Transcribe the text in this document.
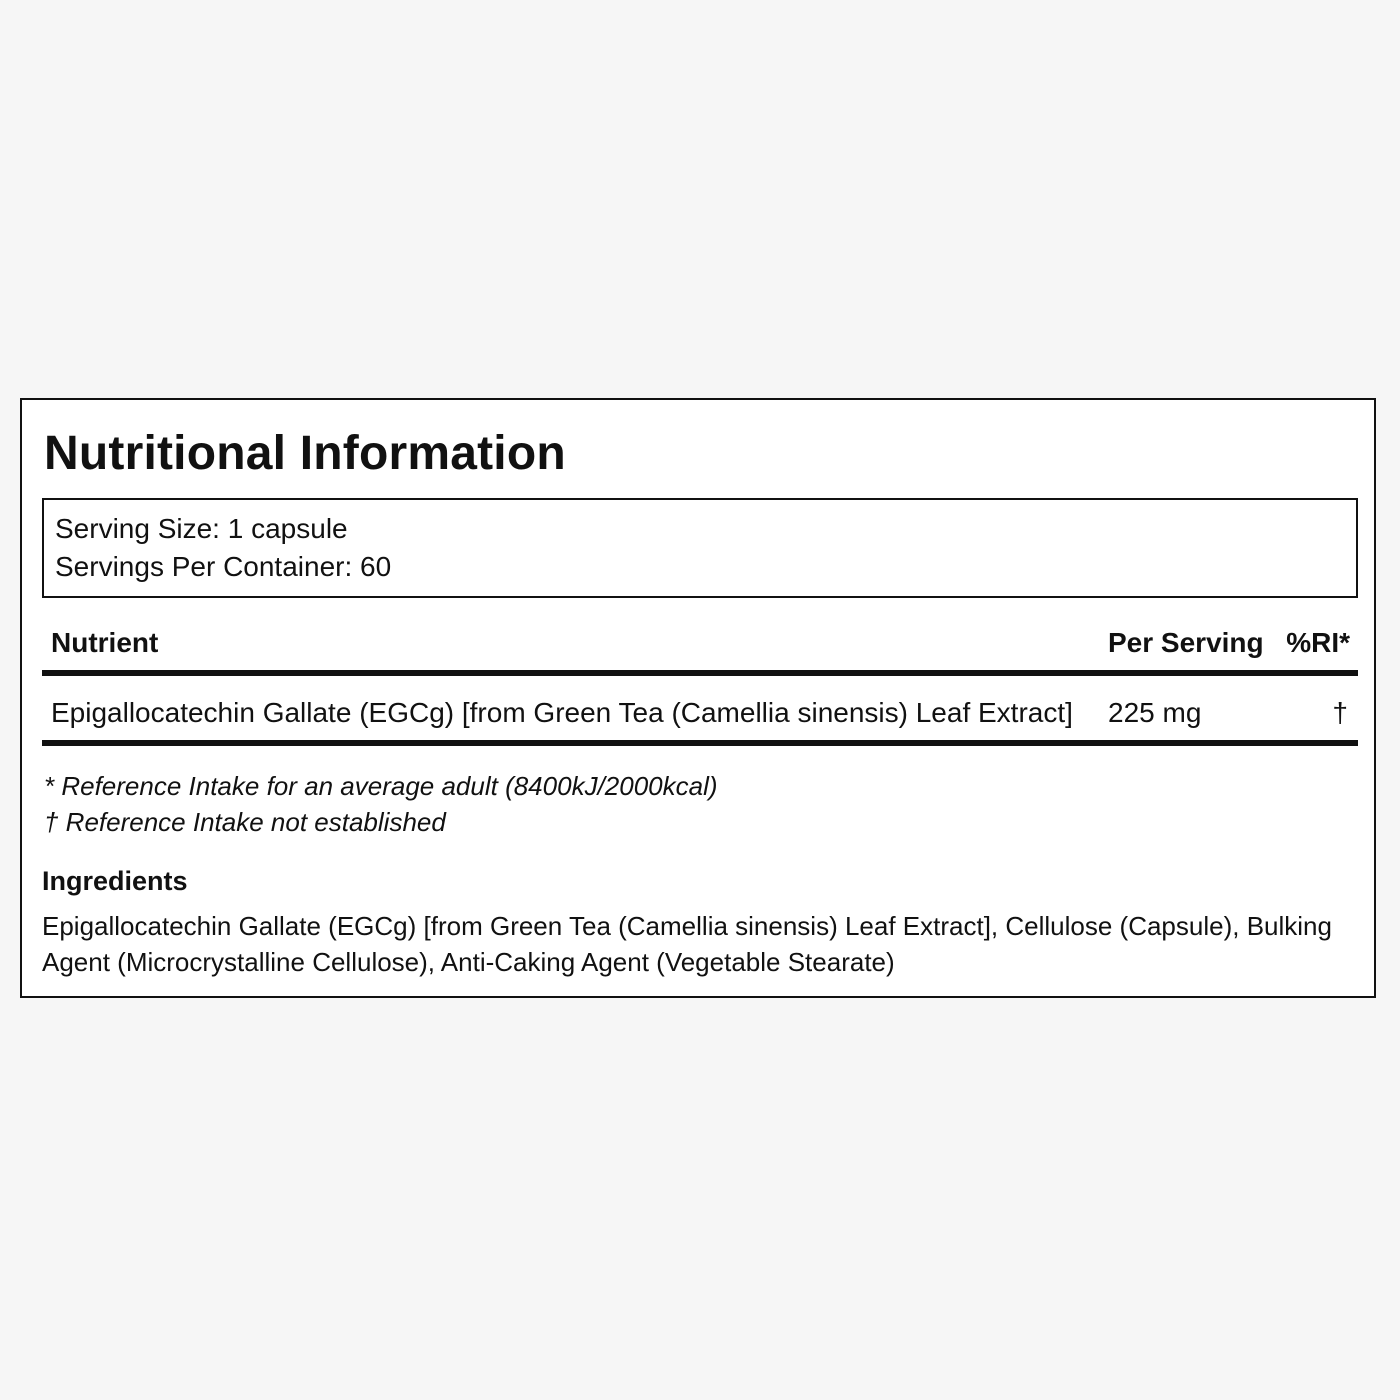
Nutritional Information
Serving Size: 1 capsule
Servings Per Container: 60
Nutrient	Per Serving %RI*
Epigallocatechin Gallate (EGCg) [from Green Tea (Camellia sinensis) Leaf Extract] 225 mg	†
* Reference Intake for an average adult (8400kJ/2000kcal)
† Reference Intake not established
Ingredients

Epigallocatechin Gallate (EGCg) [from Green Tea (Camellia sinensis) Leaf Extract], Cellulose (Capsule), Bulking Agent (Microcrystalline Cellulose), Anti-Caking Agent (Vegetable Stearate)
